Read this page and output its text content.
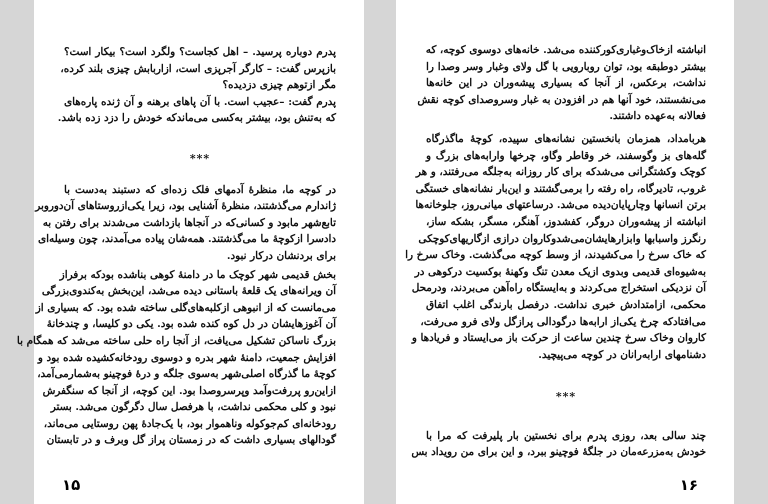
پدرم دوباره پرسید. – اهل کجاست؟ ولگرد است؟ بیکار است؟
بازپرس گفت: – کارگر آجرپزی است، ازاربابش چیزی بلند کرده،
مگر ازتوهم چیزی دزدیده؟
پدرم گفت: –عجیب است. با آن پاهای برهنه و آن ژنده پاره‌های
که به‌تنش بود، بیشتر به‌کسی می‌ماندکه خودش را دزد زده باشد.
***
در کوچه ما، منظرهٔ آدمهای فلک زده‌ای که دستبند به‌دست با
ژاندارم می‌گذشتند، منظرهٔ آشنایی بود، زیرا یکی‌ازروستاهای آن‌دوروبر
تابع‌شهر مابود و کسانی‌که در آنجاها بازداشت می‌شدند برای رفتن به
دادسرا ازکوچهٔ ما می‌گذشتند. همه‌شان پیاده می‌آمدند، چون وسیله‌ای
برای بردنشان درکار نبود.
بخش قدیمی شهر کوچک ما در دامنهٔ کوهی بناشده بودکه برفراز
آن ویرانه‌های یک قلعهٔ باستانی دیده می‌شد، این‌بخش به‌کندوی‌بزرگی
می‌مانست که از انبوهی ازکلبه‌های‌گلی ساخته شده بود. که بسیاری از
آن آغوزهایشان در دل کوه کنده شده بود. یکی دو کلیسا، و چندخانهٔ
بزرگ ناساکن تشکیل می‌یافت، از آنجا راه حلی ساخته می‌شد که همگام با
افزایش جمعیت، دامنهٔ شهر بدره و دوسوی رودخانه‌کشیده شده بود و
کوچهٔ ما گذرگاه اصلی‌شهر به‌سوی جلگه و درهٔ فوچینو به‌شمارمی‌آمد،
ازاین‌رو پررفت‌وآمد وپرسروصدا بود. این کوچه، از آنجا که سنگفرش
نبود و کلی محکمی نداشت، با هرفصل سال دگرگون می‌شد. بستر
رودخانه‌ای کم‌جوکوله وناهموار بود، با یک‌جادهٔ پهن روستایی می‌ماند،
گودالهای بسیاری داشت که در زمستان پراز گل وبرف و در تابستان
۱۵
انباشته ازخاک‌وغباری‌کورکننده می‌شد. خانه‌های دوسوی کوچه، که
بیشتر دوطبقه بود، توان روبارویی با گل ولای وغبار وسر وصدا را
نداشت، برعکس، از آنجا که بسیاری پیشه‌وران در این خانه‌ها
می‌نشستند، خود آنها هم در افزودن به غبار وسروصدای کوچه نقش
فعالانه به‌عهده داشتند.
هربامداد، همزمان بانخستین نشانه‌های سپیده، کوچهٔ ماگذرگاه
گله‌های بز وگوسفند، خر وقاطر وگاو، چرخها وارابه‌های بزرگ و
کوچک وکشتگرانی می‌شدکه برای کار روزانه به‌جلگه می‌رفتند، و هر
غروب، تادیرگاه، راه رفته را برمی‌گشتند و این‌بار نشانه‌های خستگی
برتن انسانها وچارپایان‌دیده می‌شد. درساعتهای میانی‌روز، جلوخانه‌ها
انباشته از پیشه‌وران دروگر، کفشدوز، آهنگر، مسگر، بشکه ساز،
رنگرز واسبابها وابزارهایشان‌می‌شدوکاروان درازی ازگاریهای‌کوچکی
که خاک سرخ را می‌کشیدند، از وسط کوچه می‌گذشت. وخاک سرخ را
به‌شیوه‌ای قدیمی وبدوی ازیک معدن تنگ وکهنهٔ بوکسیت درکوهی در
آن نزدیکی استخراج می‌کردند و به‌ایستگاه راه‌آهن می‌بردند، ودرمحل
محکمی، ازامتدادش خبری نداشت. درفصل بارندگی اغلب اتفاق
می‌افتادکه چرخ یکی‌از ارابه‌ها درگودالی پرازگل ولای فرو می‌رفت،
کاروان وخاک سرخ چندین ساعت از حرکت باز می‌ایستاد و فریادها و
دشنامهای ارابه‌رانان در کوچه می‌پیچید.
***
چند سالی بعد، روزی پدرم برای نخستین بار پلیرفت که مرا با
خودش به‌مزرعه‌مان در جلگهٔ فوچینو ببرد، و این برای من رویداد بس
۱۶
